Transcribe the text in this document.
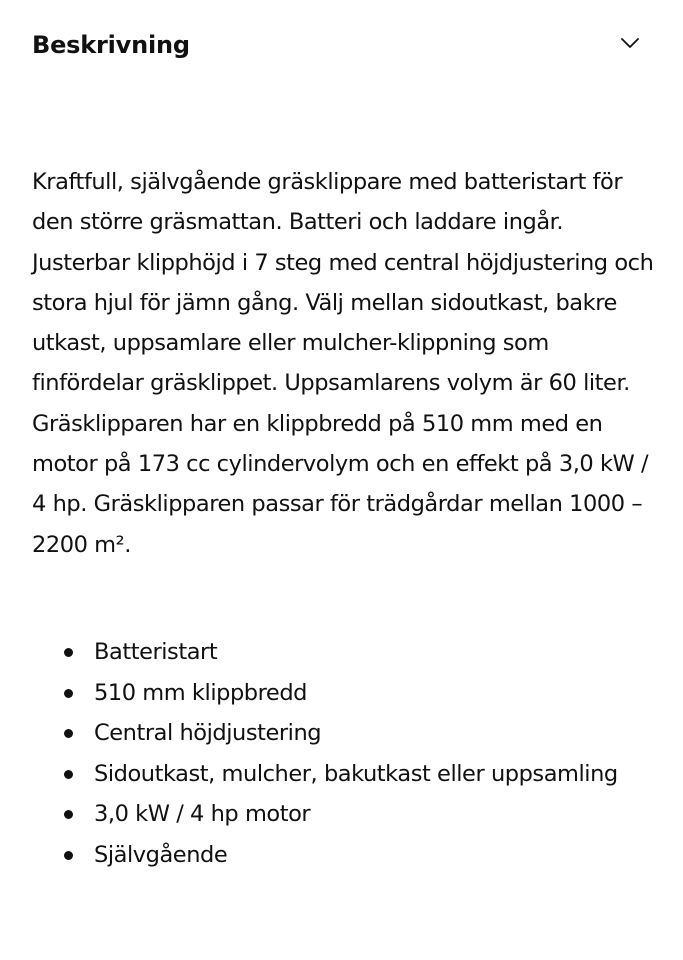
Beskrivning

Kraftfull, självgående gräsklippare med batteristart för den större gräsmattan. Batteri och laddare ingår. Justerbar klipphöjd i 7 steg med central höjdjustering och stora hjul för jämn gång. Välj mellan sidoutkast, bakre utkast, uppsamlare eller mulcher-klippning som finfördelar gräsklippet. Uppsamlarens volym är 60 liter. Gräsklipparen har en klippbredd på 510 mm med en motor på 173 cc cylindervolym och en effekt på 3,0 kW / 4 hp. Gräsklipparen passar för trädgårdar mellan 1000 – 2200 m².

Batteristart
510 mm klippbredd
Central höjdjustering
Sidoutkast, mulcher, bakutkast eller uppsamling
3,0 kW / 4 hp motor
Självgående
